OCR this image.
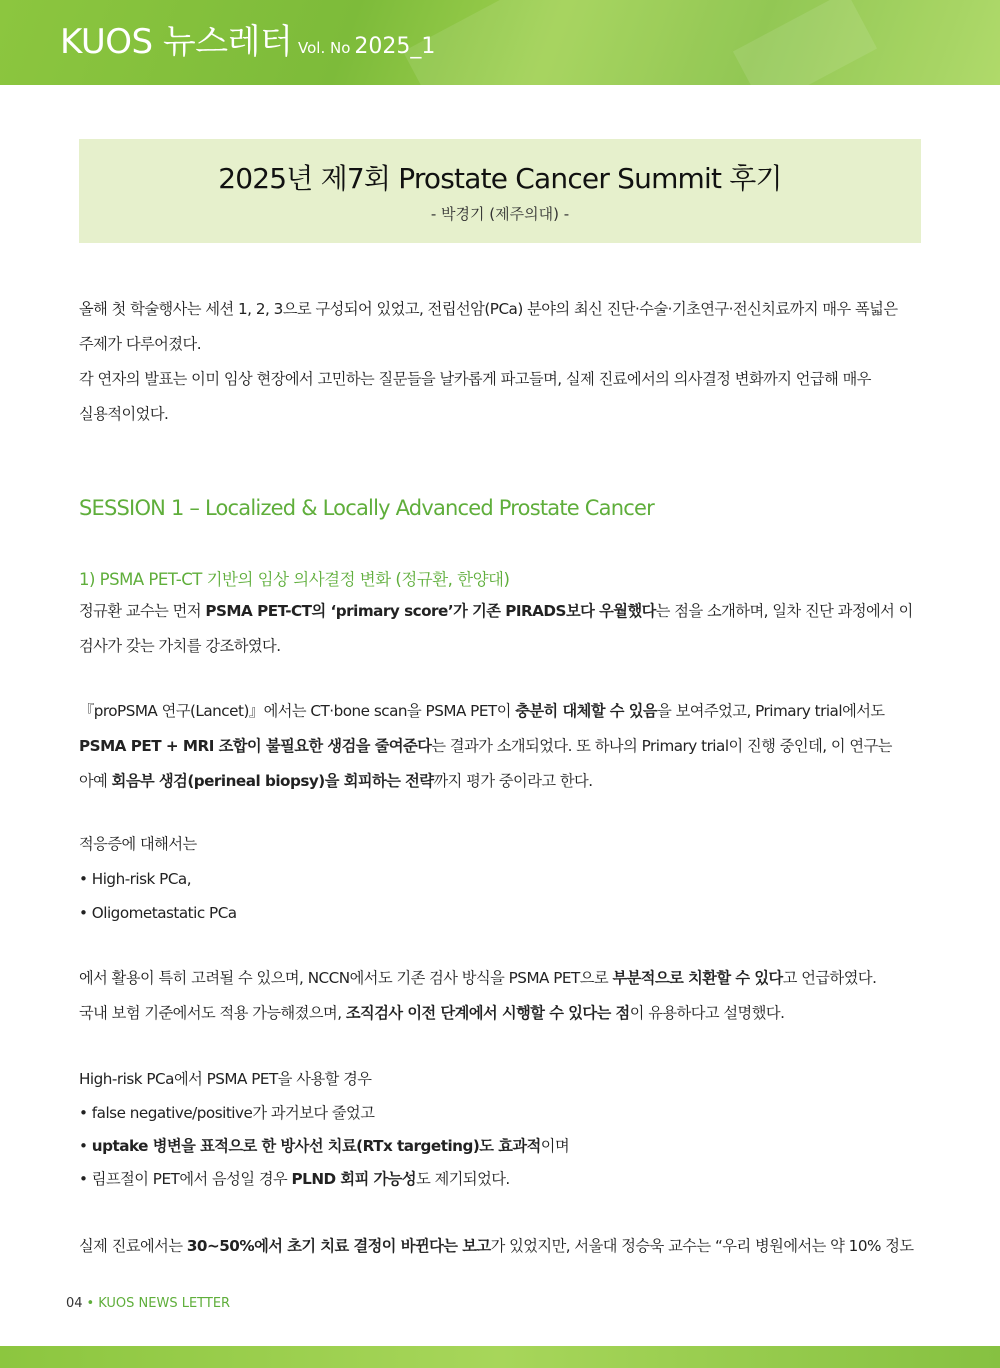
KUOS 뉴스레터 Vol. No 2025_1
2025년 제7회 Prostate Cancer Summit 후기
- 박경기 (제주의대) -
올해 첫 학술행사는 세션 1, 2, 3으로 구성되어 있었고, 전립선암(PCa) 분야의 최신 진단·수술·기초연구·전신치료까지 매우 폭넓은
주제가 다루어졌다.
각 연자의 발표는 이미 임상 현장에서 고민하는 질문들을 날카롭게 파고들며, 실제 진료에서의 의사결정 변화까지 언급해 매우
실용적이었다.
SESSION 1 – Localized & Locally Advanced Prostate Cancer
1) PSMA PET-CT 기반의 임상 의사결정 변화 (정규환, 한양대)
정규환 교수는 먼저 PSMA PET-CT의 ‘primary score’가 기존 PIRADS보다 우월했다는 점을 소개하며, 일차 진단 과정에서 이
검사가 갖는 가치를 강조하였다.
『proPSMA 연구(Lancet)』에서는 CT·bone scan을 PSMA PET이 충분히 대체할 수 있음을 보여주었고, Primary trial에서도
PSMA PET + MRI 조합이 불필요한 생검을 줄여준다는 결과가 소개되었다. 또 하나의 Primary trial이 진행 중인데, 이 연구는
아예 회음부 생검(perineal biopsy)을 회피하는 전략까지 평가 중이라고 한다.
적응증에 대해서는
• High-risk PCa,
• Oligometastatic PCa
에서 활용이 특히 고려될 수 있으며, NCCN에서도 기존 검사 방식을 PSMA PET으로 부분적으로 치환할 수 있다고 언급하였다.
국내 보험 기준에서도 적용 가능해졌으며, 조직검사 이전 단계에서 시행할 수 있다는 점이 유용하다고 설명했다.
High-risk PCa에서 PSMA PET을 사용할 경우
• false negative/positive가 과거보다 줄었고
• uptake 병변을 표적으로 한 방사선 치료(RTx targeting)도 효과적이며
• 림프절이 PET에서 음성일 경우 PLND 회피 가능성도 제기되었다.
실제 진료에서는 30~50%에서 초기 치료 결정이 바뀐다는 보고가 있었지만, 서울대 정승욱 교수는 “우리 병원에서는 약 10% 정도
04 • KUOS NEWS LETTER
